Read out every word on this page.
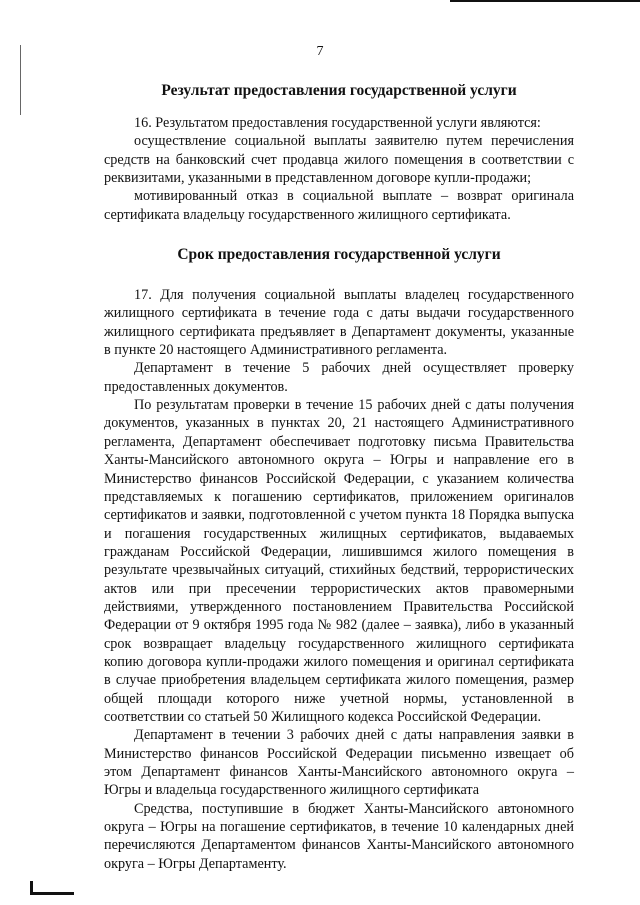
7
Результат предоставления государственной услуги

16. Результатом предоставления государственной услуги являются:

осуществление социальной выплаты заявителю путем перечисления средств на банковский счет продавца жилого помещения в соответствии с реквизитами, указанными в представленном договоре купли-продажи;

мотивированный отказ в социальной выплате – возврат оригинала сертификата владельцу государственного жилищного сертификата.

Срок предоставления государственной услуги

17. Для получения социальной выплаты владелец государственного жилищного сертификата в течение года с даты выдачи государственного жилищного сертификата предъявляет в Департамент документы, указанные в пункте 20 настоящего Административного регламента.

Департамент в течение 5 рабочих дней осуществляет проверку предоставленных документов.

По результатам проверки в течение 15 рабочих дней с даты получения документов, указанных в пунктах 20, 21 настоящего Административного регламента, Департамент обеспечивает подготовку письма Правительства Ханты-Мансийского автономного округа – Югры и направление его в Министерство финансов Российской Федерации, с указанием количества представляемых к погашению сертификатов, приложением оригиналов сертификатов и заявки, подготовленной с учетом пункта 18 Порядка выпуска и погашения государственных жилищных сертификатов, выдаваемых гражданам Российской Федерации, лишившимся жилого помещения в результате чрезвычайных ситуаций, стихийных бедствий, террористических актов или при пресечении террористических актов правомерными действиями, утвержденного постановлением Правительства Российской Федерации от 9 октября 1995 года № 982 (далее – заявка), либо в указанный срок возвращает владельцу государственного жилищного сертификата копию договора купли-продажи жилого помещения и оригинал сертификата в случае приобретения владельцем сертификата жилого помещения, размер общей площади которого ниже учетной нормы, установленной в соответствии со статьей 50 Жилищного кодекса Российской Федерации.

Департамент в течении 3 рабочих дней с даты направления заявки в Министерство финансов Российской Федерации письменно извещает об этом Департамент финансов Ханты-Мансийского автономного округа – Югры и владельца государственного жилищного сертификата

Средства, поступившие в бюджет Ханты-Мансийского автономного округа – Югры на погашение сертификатов, в течение 10 календарных дней перечисляются Департаментом финансов Ханты-Мансийского автономного округа – Югры Департаменту.
